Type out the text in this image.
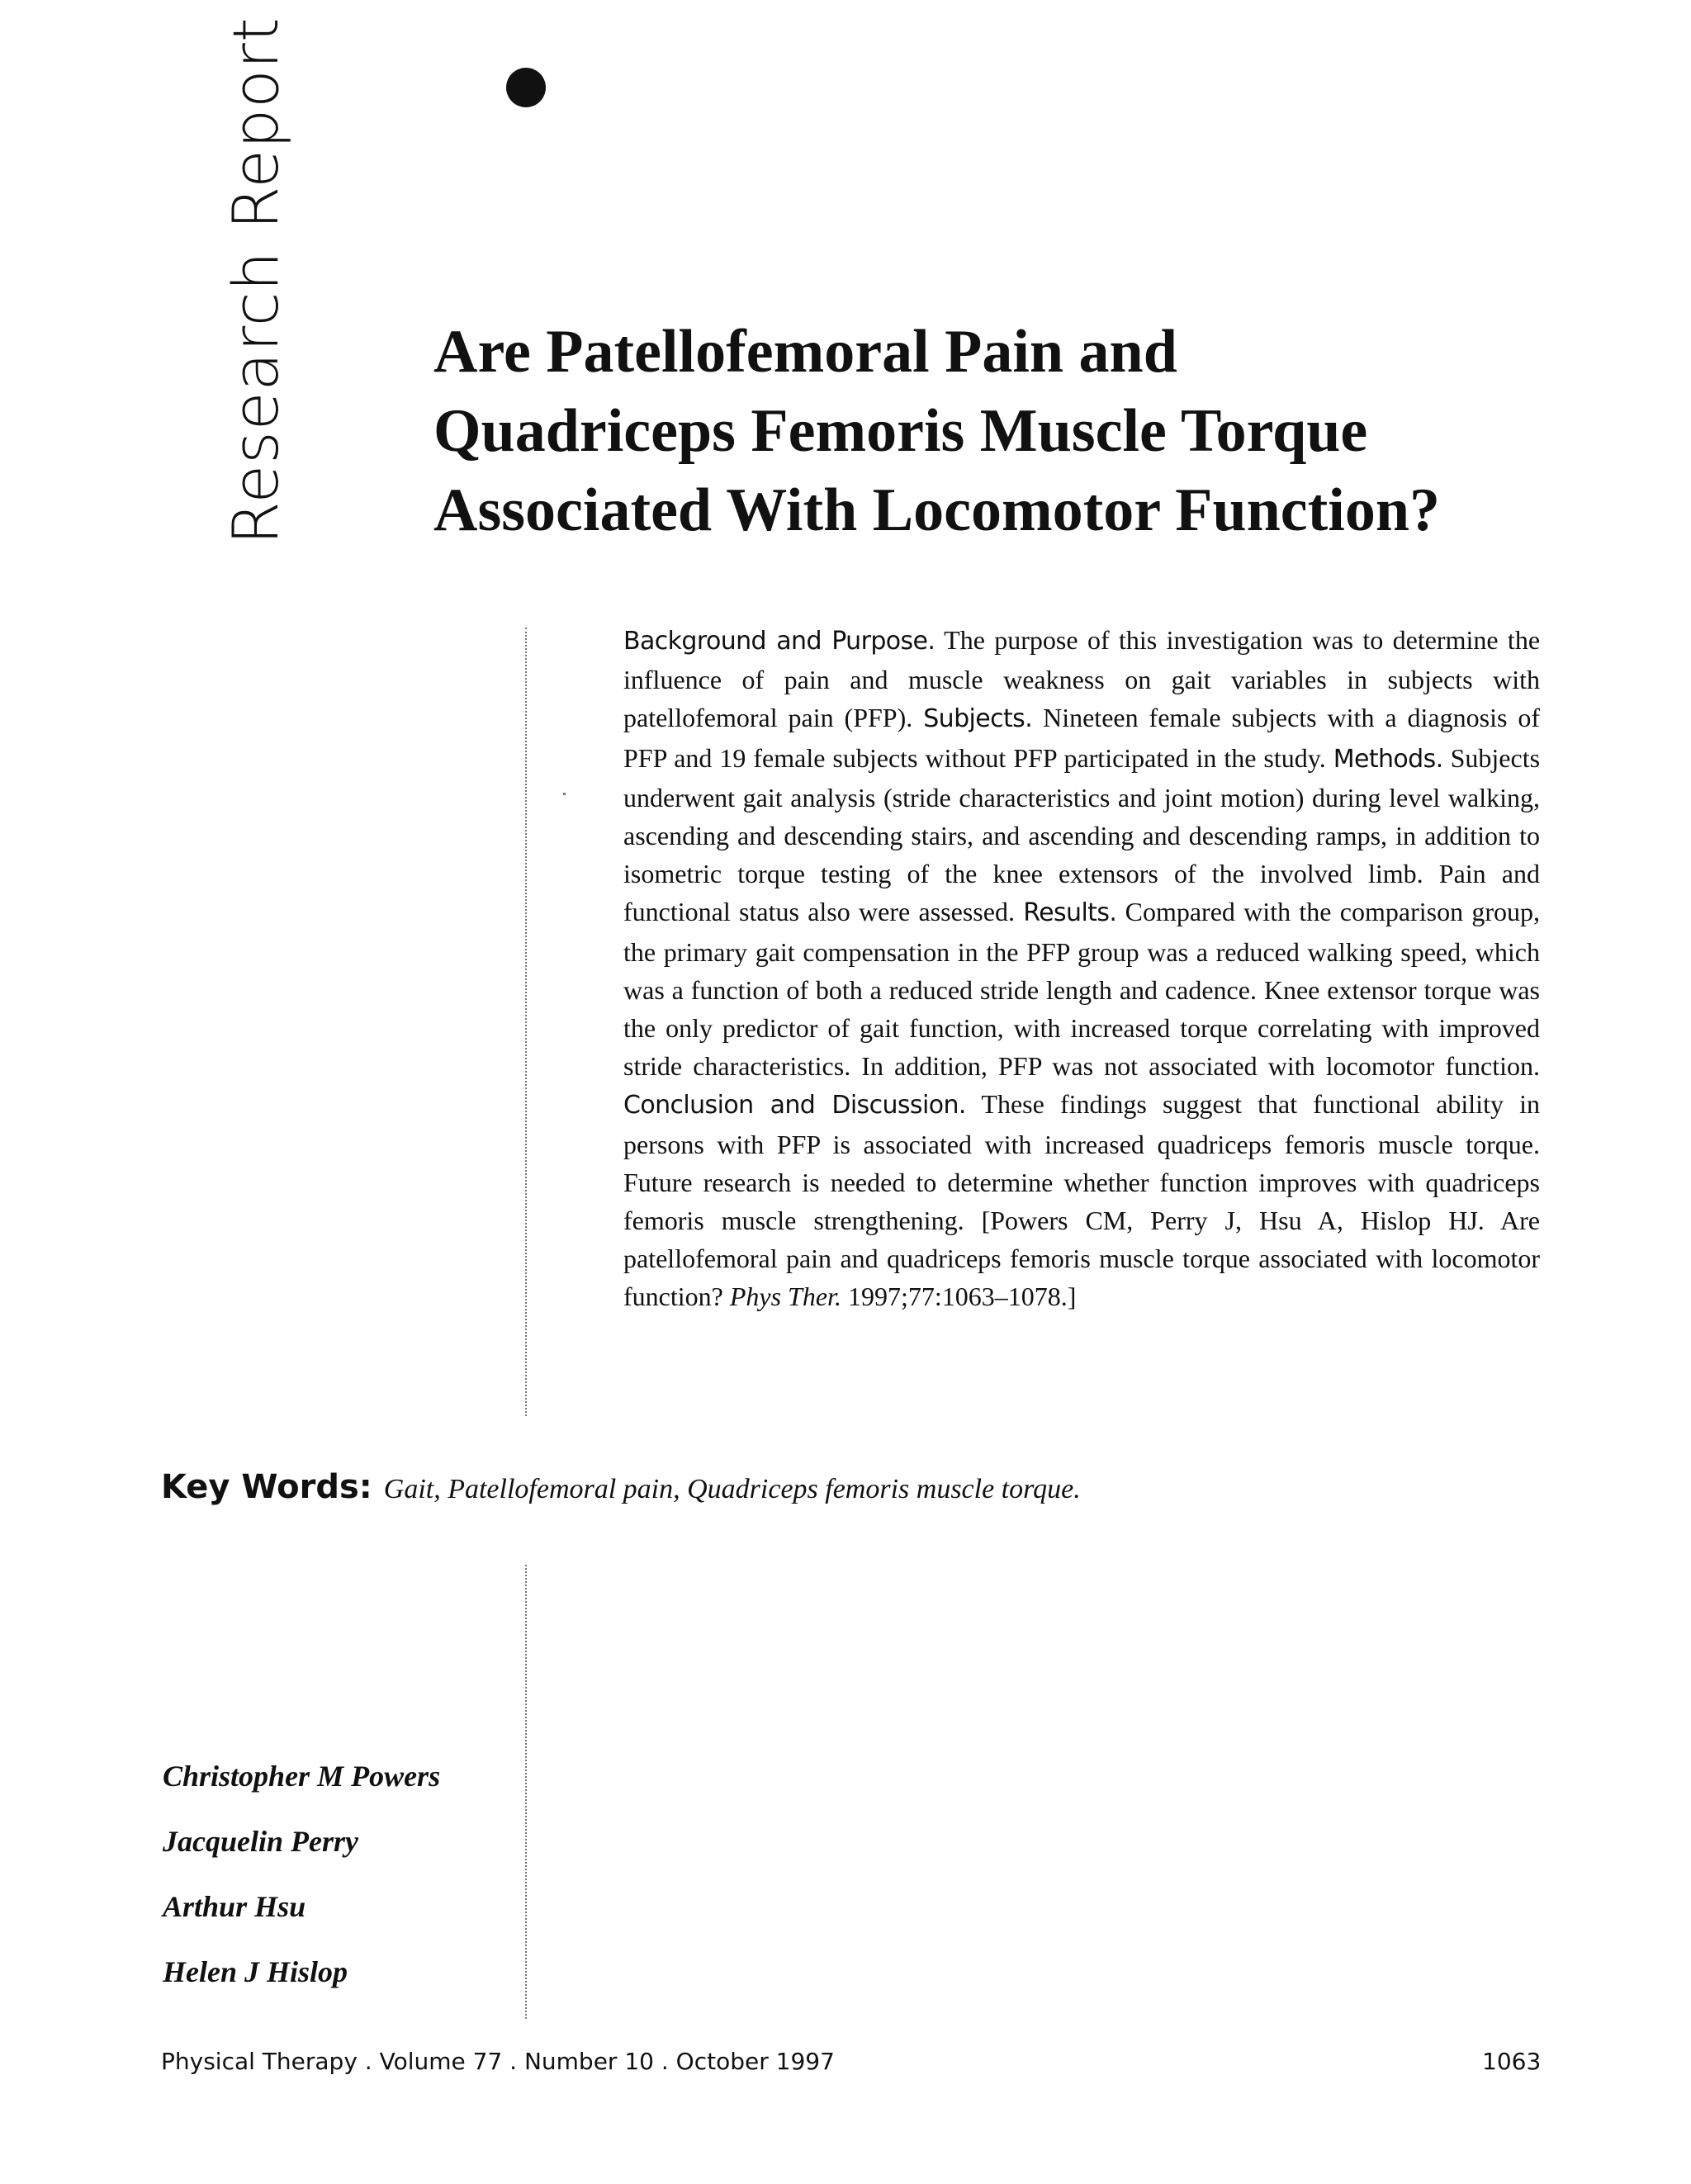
Research Report Are Patellofemoral Pain and
Quadriceps Femoris Muscle Torque
Associated With Locomotor Function?

Background and Purpose. The purpose of this investigation was to determine the influence of pain and muscle weakness on gait variables in subjects with patellofemoral pain (PFP). Subjects. Nineteen female subjects with a diagnosis of PFP and 19 female subjects without PFP participated in the study. Methods. Subjects underwent gait analysis (stride characteristics and joint motion) during level walking, ascending and descending stairs, and ascending and descending ramps, in addition to isometric torque testing of the knee extensors of the involved limb. Pain and functional status also were assessed. Results. Compared with the comparison group, the primary gait compensation in the PFP group was a reduced walking speed, which was a function of both a reduced stride length and cadence. Knee extensor torque was the only predictor of gait function, with increased torque correlating with improved stride characteristics. In addition, PFP was not associated with locomotor function. Conclusion and Discussion. These findings suggest that functional ability in persons with PFP is associated with increased quadriceps femoris muscle torque. Future research is needed to determine whether function improves with quadriceps femoris muscle strengthening. [Powers CM, Perry J, Hsu A, Hislop HJ. Are patellofemoral pain and quadriceps femoris muscle torque associated with locomotor function? Phys Ther. 1997;77:1063–1078.]

Key Words: Gait, Patellofemoral pain, Quadriceps femoris muscle torque.

Christopher M Powers
Jacquelin Perry
Arthur Hsu
Helen J Hislop
Physical Therapy . Volume 77 . Number 10 . October 1997	1063
